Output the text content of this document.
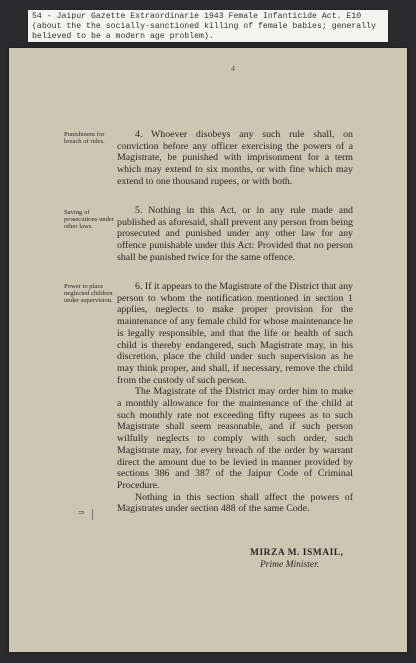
54 - Jaipur Gazette Extraordinarie 1943 Female Infanticide Act. E10
(about the the socially-sanctioned killing of female babies; generally
believed to be a modern age problem).
4
Punishment for breach of rules.

4. Whoever disobeys any such rule shall, on conviction before any officer exercising the powers of a Magistrate, be punished with imprisonment for a term which may extend to six months, or with fine which may extend to one thousand rupees, or with both.

Saving of prosecutions under other laws.

5. Nothing in this Act, or in any rule made and published as aforesaid, shall prevent any person from being prosecuted and punished under any other law for any offence punishable under this Act: Provided that no person shall be punished twice for the same offence.

Power to place neglected children under supervision.

6. If it appears to the Magistrate of the District that any person to whom the notification mentioned in section 1 applies, neglects to make proper provision for the maintenance of any female child for whose maintenance he is legally responsible, and that the life or health of such child is thereby endangered, such Magistrate may, in his discretion, place the child under such supervision as he may think proper, and shall, if necessary, remove the child from the custody of such person.

The Magistrate of the District may order him to make a monthly allowance for the maintenance of the child at such monthly rate not exceeding fifty rupees as to such Magistrate shall seem reasonable, and if such person wilfully neglects to comply with such order, such Magistrate may, for every breach of the order by warrant direct the amount due to be levied in manner provided by sections 386 and 387 of the Jaipur Code of Criminal Procedure.

Nothing in this section shall affect the powers of Magistrates under section 488 of the same Code.

⇒
MIRZA M. ISMAIL,
Prime Minister.
